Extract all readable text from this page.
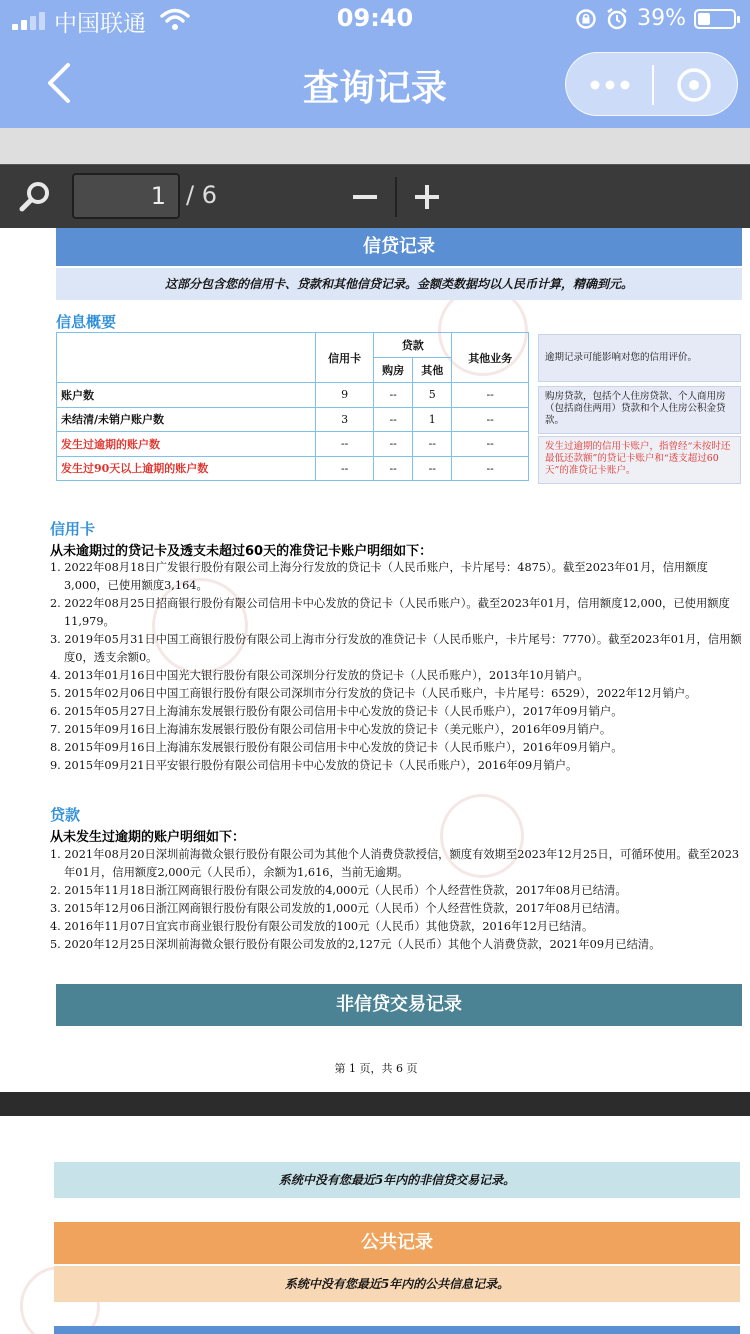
中国联通	09:40	39%
查询记录
1 / 6
信贷记录
这部分包含您的信用卡、贷款和其他信贷记录。金额类数据均以人民币计算，精确到元。
信息概要
	信用卡	贷款		其他业务
		购房	其他	
账户数	9	--	5	--
未结清/未销户账户数	3	--	1	--
发生过逾期的账户数	--	--	--	--
发生过90天以上逾期的账户数	--	--	--	--
逾期记录可能影响对您的信用评价。
购房贷款，包括个人住房贷款、个人商用房（包括商住两用）贷款和个人住房公积金贷款。
发生过逾期的信用卡账户，指曾经“未按时还最低还款额”的贷记卡账户和“透支超过60天”的准贷记卡账户。
信用卡
从未逾期过的贷记卡及透支未超过60天的准贷记卡账户明细如下：
1. 2022年08月18日广发银行股份有限公司上海分行发放的贷记卡（人民币账户，卡片尾号：4875）。截至2023年01月，信用额度3,000，已使用额度3,164。
2. 2022年08月25日招商银行股份有限公司信用卡中心发放的贷记卡（人民币账户）。截至2023年01月，信用额度12,000，已使用额度11,979。
3. 2019年05月31日中国工商银行股份有限公司上海市分行发放的准贷记卡（人民币账户，卡片尾号：7770）。截至2023年01月，信用额度0，透支余额0。
4. 2013年01月16日中国光大银行股份有限公司深圳分行发放的贷记卡（人民币账户），2013年10月销户。
5. 2015年02月06日中国工商银行股份有限公司深圳市分行发放的贷记卡（人民币账户，卡片尾号：6529），2022年12月销户。
6. 2015年05月27日上海浦东发展银行股份有限公司信用卡中心发放的贷记卡（人民币账户），2017年09月销户。
7. 2015年09月16日上海浦东发展银行股份有限公司信用卡中心发放的贷记卡（美元账户），2016年09月销户。
8. 2015年09月16日上海浦东发展银行股份有限公司信用卡中心发放的贷记卡（人民币账户），2016年09月销户。
9. 2015年09月21日平安银行股份有限公司信用卡中心发放的贷记卡（人民币账户），2016年09月销户。
贷款
从未发生过逾期的账户明细如下：
1. 2021年08月20日深圳前海微众银行股份有限公司为其他个人消费贷款授信，额度有效期至2023年12月25日，可循环使用。截至2023年01月，信用额度2,000元（人民币），余额为1,616，当前无逾期。
2. 2015年11月18日浙江网商银行股份有限公司发放的4,000元（人民币）个人经营性贷款，2017年08月已结清。
3. 2015年12月06日浙江网商银行股份有限公司发放的1,000元（人民币）个人经营性贷款，2017年08月已结清。
4. 2016年11月07日宜宾市商业银行股份有限公司发放的100元（人民币）其他贷款，2016年12月已结清。
5. 2020年12月25日深圳前海微众银行股份有限公司发放的2,127元（人民币）其他个人消费贷款，2021年09月已结清。
非信贷交易记录
第 1 页，共 6 页
系统中没有您最近5年内的非信贷交易记录。
公共记录
系统中没有您最近5年内的公共信息记录。
